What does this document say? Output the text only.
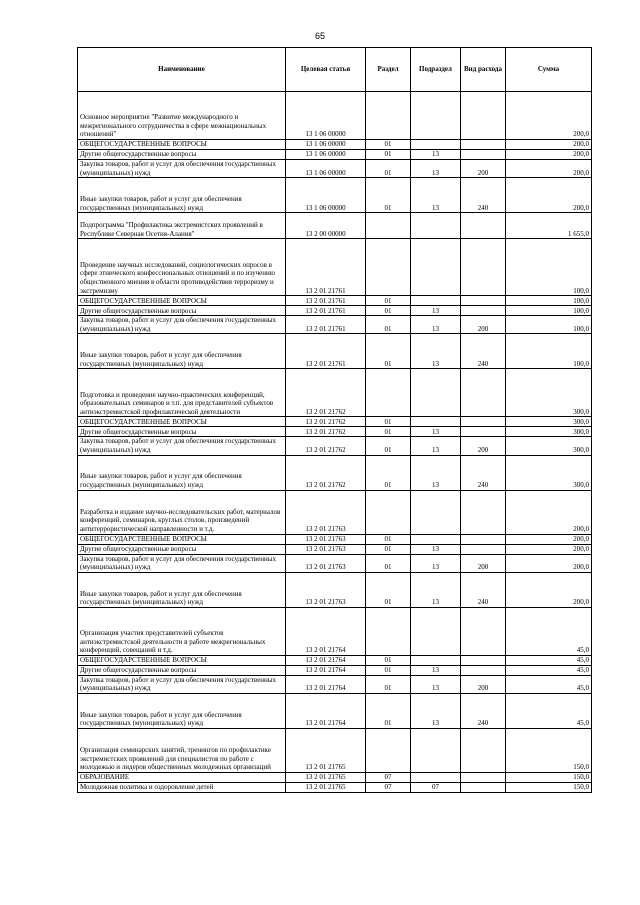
65
Наименование	Целевая статья	Раздел	Подраздел	Вид расхода	Сумма
Основное мероприятие "Развитие международного и межрегионального сотрудничества в сфере межнациональных отношений"	13 1 06 00000				200,0
ОБЩЕГОСУДАРСТВЕННЫЕ ВОПРОСЫ	13 1 06 00000	01			200,0
Другие общегосударственные вопросы	13 1 06 00000	01	13		200,0
Закупка товаров, работ и услуг для обеспечения государственных (муниципальных) нужд	13 1 06 00000	01	13	200	200,0
Иные закупки товаров, работ и услуг для обеспечения государственных (муниципальных) нужд	13 1 06 00000	01	13	240	200,0
Подпрограмма "Профилактика экстремистских проявлений в Республике Северная Осетия-Алания"	13 2 00 00000				1 655,0
Проведение научных исследований, социологических опросов в сфере этнического конфессиональных отношений и по изучению общественного мнения в области противодействия терроризму и экстремизму	13 2 01 21761				100,0
ОБЩЕГОСУДАРСТВЕННЫЕ ВОПРОСЫ	13 2 01 21761	01			100,0
Другие общегосударственные вопросы	13 2 01 21761	01	13		100,0
Закупка товаров, работ и услуг для обеспечения государственных (муниципальных) нужд	13 2 01 21761	01	13	200	100,0
Иные закупки товаров, работ и услуг для обеспечения государственных (муниципальных) нужд	13 2 01 21761	01	13	240	100,0
Подготовка и проведение научно-практических конференций, образовательных семинаров и т.п. для представителей субъектов антиэкстремистской профилактической деятельности	13 2 01 21762				300,0
ОБЩЕГОСУДАРСТВЕННЫЕ ВОПРОСЫ	13 2 01 21762	01			300,0
Другие общегосударственные вопросы	13 2 01 21762	01	13		300,0
Закупка товаров, работ и услуг для обеспечения государственных (муниципальных) нужд	13 2 01 21762	01	13	200	300,0
Иные закупки товаров, работ и услуг для обеспечения государственных (муниципальных) нужд	13 2 01 21762	01	13	240	300,0
Разработка и издание научно-исследовательских работ, материалов конференций, семинаров, круглых столов, произведений антитеррористической направленности и т.д.	13 2 01 21763				200,0
ОБЩЕГОСУДАРСТВЕННЫЕ ВОПРОСЫ	13 2 01 21763	01			200,0
Другие общегосударственные вопросы	13 2 01 21763	01	13		200,0
Закупка товаров, работ и услуг для обеспечения государственных (муниципальных) нужд	13 2 01 21763	01	13	200	200,0
Иные закупки товаров, работ и услуг для обеспечения государственных (муниципальных) нужд	13 2 01 21763	01	13	240	200,0
Организация участия представителей субъектов антиэкстремистской деятельности в работе межрегиональных конференций, совещаний и т.д.	13 2 01 21764				45,0
ОБЩЕГОСУДАРСТВЕННЫЕ ВОПРОСЫ	13 2 01 21764	01			45,0
Другие общегосударственные вопросы	13 2 01 21764	01	13		45,0
Закупка товаров, работ и услуг для обеспечения государственных (муниципальных) нужд	13 2 01 21764	01	13	200	45,0
Иные закупки товаров, работ и услуг для обеспечения государственных (муниципальных) нужд	13 2 01 21764	01	13	240	45,0
Организация семинарских занятий, тренингов по профилактике экстремистских проявлений для специалистов по работе с молодежью и лидеров общественных молодежных организаций	13 2 01 21765				150,0
ОБРАЗОВАНИЕ	13 2 01 21765	07			150,0
Молодежная политика и оздоровление детей	13 2 01 21765	07	07		150,0
